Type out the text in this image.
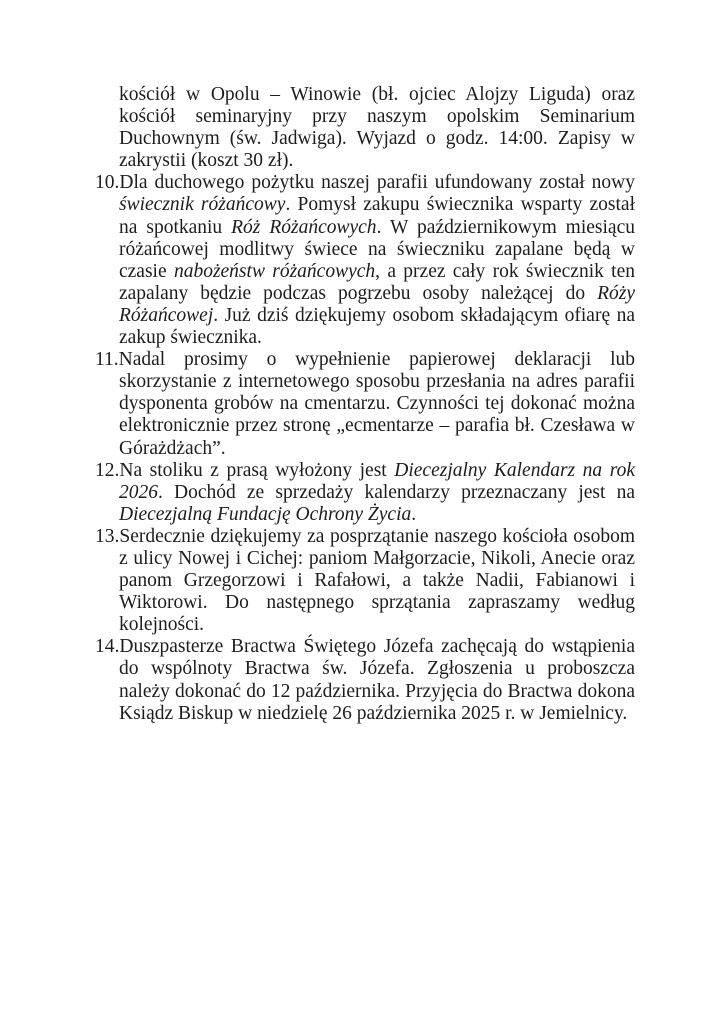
kościół w Opolu – Winowie (bł. ojciec Alojzy Liguda) oraz kościół seminaryjny przy naszym opolskim Seminarium Duchownym (św. Jadwiga). Wyjazd o godz. 14:00. Zapisy w zakrystii (koszt 30 zł).

10.Dla duchowego pożytku naszej parafii ufundowany został nowy świecznik różańcowy. Pomysł zakupu świecznika wsparty został na spotkaniu Róż Różańcowych. W październikowym miesiącu różańcowej modlitwy świece na świeczniku zapalane będą w czasie nabożeństw różańcowych, a przez cały rok świecznik ten zapalany będzie podczas pogrzebu osoby należącej do Róży Różańcowej. Już dziś dziękujemy osobom składającym ofiarę na zakup świecznika.

11.Nadal prosimy o wypełnienie papierowej deklaracji lub skorzystanie z internetowego sposobu przesłania na adres parafii dysponenta grobów na cmentarzu. Czynności tej dokonać można elektronicznie przez stronę „ecmentarze – parafia bł. Czesława w Górażdżach”.

12.Na stoliku z prasą wyłożony jest Diecezjalny Kalendarz na rok 2026. Dochód ze sprzedaży kalendarzy przeznaczany jest na Diecezjalną Fundację Ochrony Życia.

13.Serdecznie dziękujemy za posprzątanie naszego kościoła osobom z ulicy Nowej i Cichej: paniom Małgorzacie, Nikoli, Anecie oraz panom Grzegorzowi i Rafałowi, a także Nadii, Fabianowi i Wiktorowi. Do następnego sprzątania zapraszamy według kolejności.

14.Duszpasterze Bractwa Świętego Józefa zachęcają do wstąpienia do wspólnoty Bractwa św. Józefa. Zgłoszenia u proboszcza należy dokonać do 12 października. Przyjęcia do Bractwa dokona Ksiądz Biskup w niedzielę 26 października 2025 r. w Jemielnicy.
